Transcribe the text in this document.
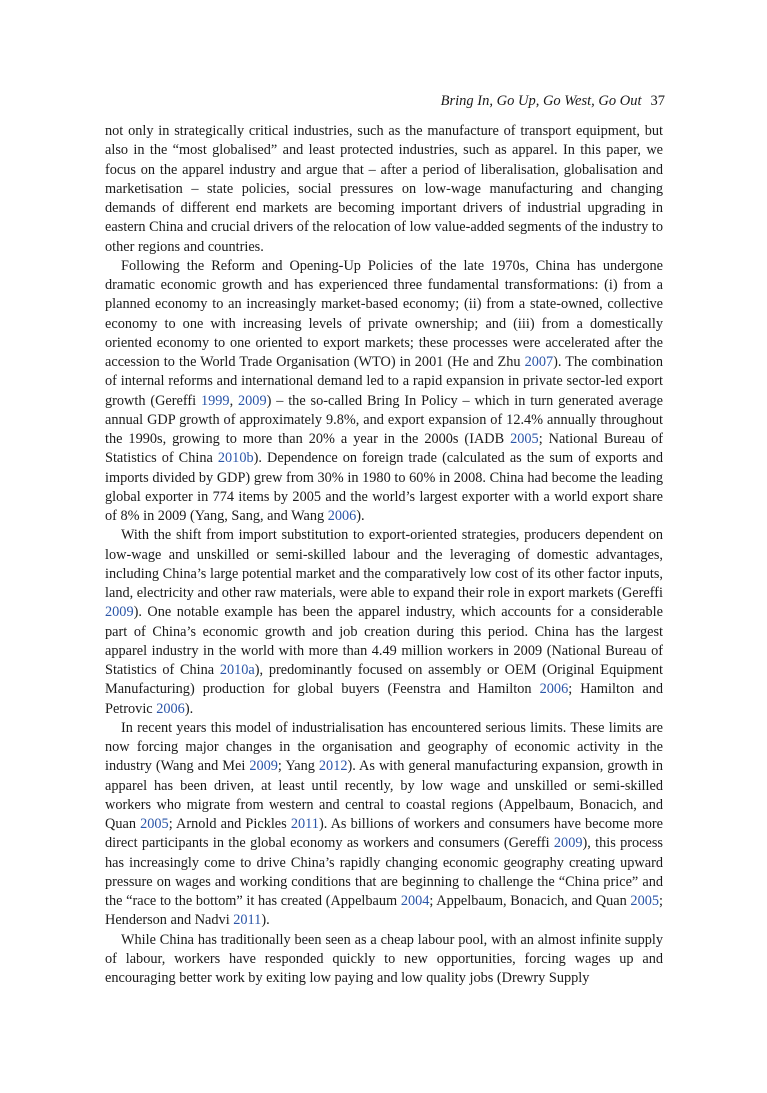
Bring In, Go Up, Go West, Go Out 37

not only in strategically critical industries, such as the manufacture of transport equipment, but also in the “most globalised” and least protected industries, such as apparel. In this paper, we focus on the apparel industry and argue that – after a period of liberalisation, globalisation and marketisation – state policies, social pressures on low-wage manufacturing and changing demands of different end markets are becoming important drivers of industrial upgrading in eastern China and crucial drivers of the relocation of low value-added segments of the industry to other regions and countries.

Following the Reform and Opening-Up Policies of the late 1970s, China has undergone dramatic economic growth and has experienced three fundamental transformations: (i) from a planned economy to an increasingly market-based economy; (ii) from a state-owned, collective economy to one with increasing levels of private ownership; and (iii) from a domestically oriented economy to one oriented to export markets; these processes were accelerated after the accession to the World Trade Organisation (WTO) in 2001 (He and Zhu 2007). The combination of internal reforms and international demand led to a rapid expansion in private sector-led export growth (Gereffi 1999, 2009) – the so-called Bring In Policy – which in turn generated average annual GDP growth of approximately 9.8%, and export expansion of 12.4% annually throughout the 1990s, growing to more than 20% a year in the 2000s (IADB 2005; National Bureau of Statistics of China 2010b). Dependence on foreign trade (calculated as the sum of exports and imports divided by GDP) grew from 30% in 1980 to 60% in 2008. China had become the leading global exporter in 774 items by 2005 and the world’s largest exporter with a world export share of 8% in 2009 (Yang, Sang, and Wang 2006).

With the shift from import substitution to export-oriented strategies, producers dependent on low-wage and unskilled or semi-skilled labour and the leveraging of domestic advantages, including China’s large potential market and the comparatively low cost of its other factor inputs, land, electricity and other raw materials, were able to expand their role in export markets (Gereffi 2009). One notable example has been the apparel industry, which accounts for a considerable part of China’s economic growth and job creation during this period. China has the largest apparel industry in the world with more than 4.49 million workers in 2009 (National Bureau of Statistics of China 2010a), predominantly focused on assembly or OEM (Original Equipment Manufacturing) production for global buyers (Feenstra and Hamilton 2006; Hamilton and Petrovic 2006).

In recent years this model of industrialisation has encountered serious limits. These limits are now forcing major changes in the organisation and geography of economic activity in the industry (Wang and Mei 2009; Yang 2012). As with general manufacturing expansion, growth in apparel has been driven, at least until recently, by low wage and unskilled or semi-skilled workers who migrate from western and central to coastal regions (Appelbaum, Bonacich, and Quan 2005; Arnold and Pickles 2011). As billions of workers and consumers have become more direct participants in the global economy as workers and consumers (Gereffi 2009), this process has increasingly come to drive China’s rapidly changing economic geography creating upward pressure on wages and working conditions that are beginning to challenge the “China price” and the “race to the bottom” it has created (Appelbaum 2004; Appelbaum, Bonacich, and Quan 2005; Henderson and Nadvi 2011).

While China has traditionally been seen as a cheap labour pool, with an almost infinite supply of labour, workers have responded quickly to new opportunities, forcing wages up and encouraging better work by exiting low paying and low quality jobs (Drewry Supply
